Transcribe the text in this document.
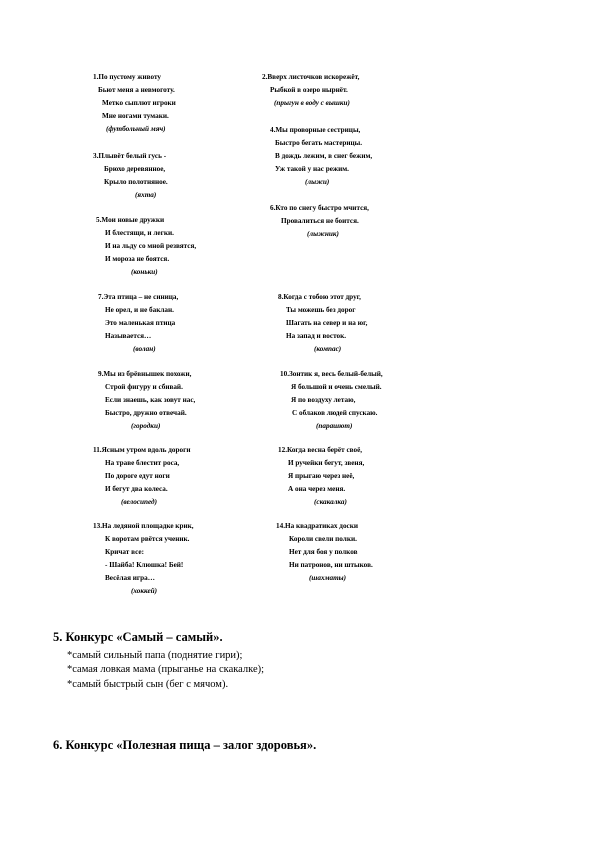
1.По пустому животу
Бьют меня а невмоготу.
Метко сыплют игроки
Мне ногами тумаки.
(футбольный мяч)
2.Вверх листочков искорежёт,
Рыбкой в озеро нырнёт.
(прыгун в воду с вышки)
3.Плывёт белый гусь -
Брюхо деревянное,
Крыло полотняное.
(яхта)
4.Мы проворные сестрицы,
Быстро бегать мастерицы.
В дождь лежим, в снег бежим,
Уж такой у нас режим.
(лыжи)
6.Кто по снегу быстро мчится,
Провалиться не боится.
(лыжник)
5.Мои новые дружки
И блестящи, и легки.
И на льду со мной резвятся,
И мороза не боятся.
(коньки)
7.Эта птица – не синица,
Не орел, и не баклан.
Это маленькая птица
Называется…
(волан)
8.Когда с тобою этот друг,
Ты можешь без дорог
Шагать на север и на юг,
На запад и восток.
(компас)
9.Мы из брёвнышек похожи,
Строй фигуру и сбивай.
Если знаешь, как зовут нас,
Быстро, дружно отвечай.
(городки)
10.Зонтик я, весь белый-белый,
Я большой и очень смелый.
Я по воздуху летаю,
С облаков людей спускаю.
(парашют)
11.Ясным утром вдоль дороги
На траве блестит роса,
По дороге едут ноги
И бегут два колеса.
(велосипед)
12.Когда весна берёт своё,
И ручейки бегут, звеня,
Я прыгаю через неё,
А она через меня.
(скакалка)
13.На ледяной площадке крик,
К воротам рвётся ученик.
Кричат все:
- Шайба! Клюшка! Бей!
Весёлая игра…
(хоккей)
14.На квадратиках доски
Короли свели полки.
Нет для боя у полков
Ни патронов, ни штыков.
(шахматы)
5. Конкурс «Самый – самый».
*самый сильный папа (поднятие гири);
*самая ловкая мама (прыганье на скакалке);
*самый быстрый сын (бег с мячом).
6. Конкурс «Полезная пища – залог здоровья».
